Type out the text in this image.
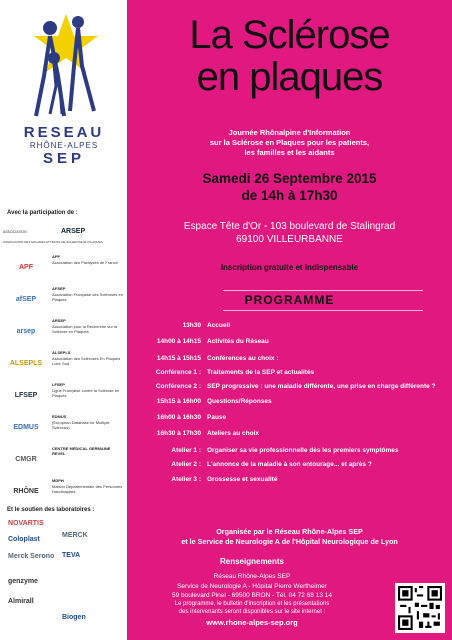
RESEAU
RHÔNE-ALPES
SEP
Avec la participation de :
ASSOCIATION	ARSEP
ASSOCIATION DES MALADES ATTEINTS DE SCLEROSE EN PLAQUES
APF
APF
Association des Paralysés de France
afSEP
AFSEP
Association Française des Sclérosés en Plaques
arsep
ARSEP
Association pour la Recherche sur la Sclérose en Plaques
ALSEPLS
ALSEPLS
Association des Sclérosés En Plaques Loire Sud
LFSEP
LFSEP
Ligue Française contre la Sclérose en Plaques
EDMUS
EDMUS
(European Database for Multiple Sclerosis)
CMGR
CENTRE MÉDICAL GERMAINE REVEL
RHÔNE
MDPH
Maison Départementale des Personnes Handicapées
Et le soutien des laboratoires :
NOVARTIS
MERCK
Coloplast
Merck Serono TEVA
genzyme
Almirall
Biogen
La Sclérose
en plaques
Journée Rhônalpine d'Information
sur la Sclérose en Plaques pour les patients,
les familles et les aidants
Samedi 26 Septembre 2015
de 14h à 17h30
Espace Tête d'Or - 103 boulevard de Stalingrad
69100 VILLEURBANNE
Inscription gratuite et indispensable
PROGRAMME
13h30 Accueil
14h00 à 14h15 Activités du Réseau
14h15 à 15h15 Conférences au choix :
Conférence 1 : Traitements de la SEP et actualités
Conférence 2 : SEP progressive : une maladie différente, une prise en charge différente ?
15h15 à 16h00 Questions/Réponses
16h00 à 16h30 Pause
16h30 à 17h30 Ateliers au choix
Atelier 1 : Organiser sa vie professionnelle dès les premiers symptômes
Atelier 2 : L'annonce de la maladie à son entourage... et après ?
Atelier 3 : Grossesse et sexualité
Organisée par le Réseau Rhône-Alpes SEP
et le Service de Neurologie A de l'Hôpital Neurologique de Lyon
Renseignements
Réseau Rhône-Alpes SEP
Service de Neurologie A - Hôpital Pierre Wertheimer
59 boulevard Pinel - 69500 BRON - Tél. 04 72 68 13 14
Le programme, le bulletin d'inscription et les présentations
des intervenants seront disponibles sur le site internet :
www.rhone-alpes-sep.org
